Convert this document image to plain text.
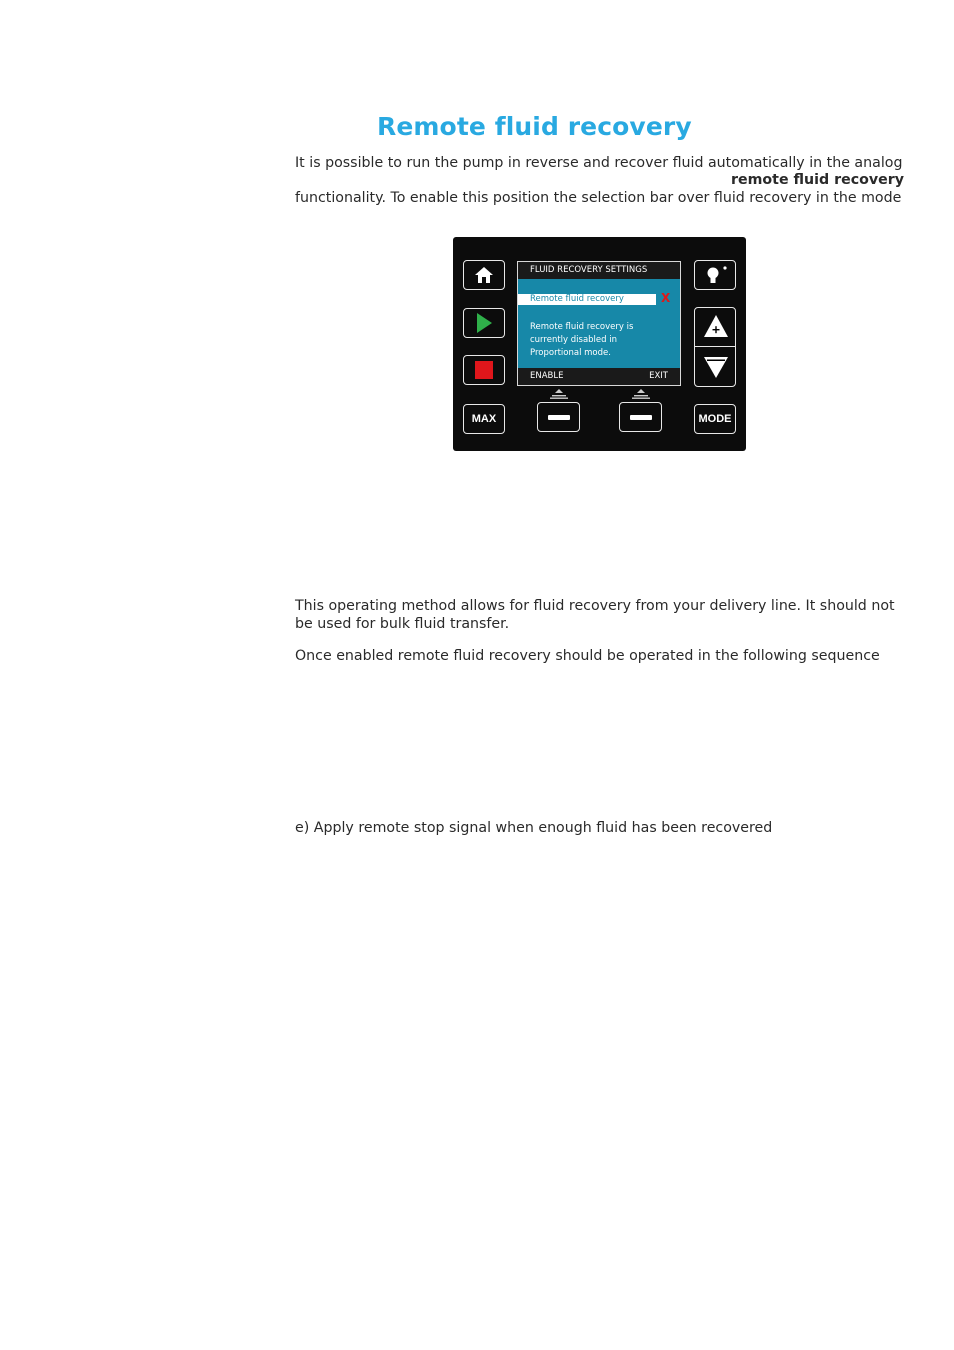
Remote fluid recovery

It is possible to run the pump in reverse and recover fluid automatically in the analog

remote fluid recovery

functionality. To enable this position the selection bar over fluid recovery in the mode

MAX
FLUID RECOVERY SETTINGS
Remote fluid recovery	X
Remote fluid recovery is currently disabled in Proportional mode.
ENABLE	EXIT
MODE

This operating method allows for fluid recovery from your delivery line. It should not be used for bulk fluid transfer.

Once enabled remote fluid recovery should be operated in the following sequence

e) Apply remote stop signal when enough fluid has been recovered
